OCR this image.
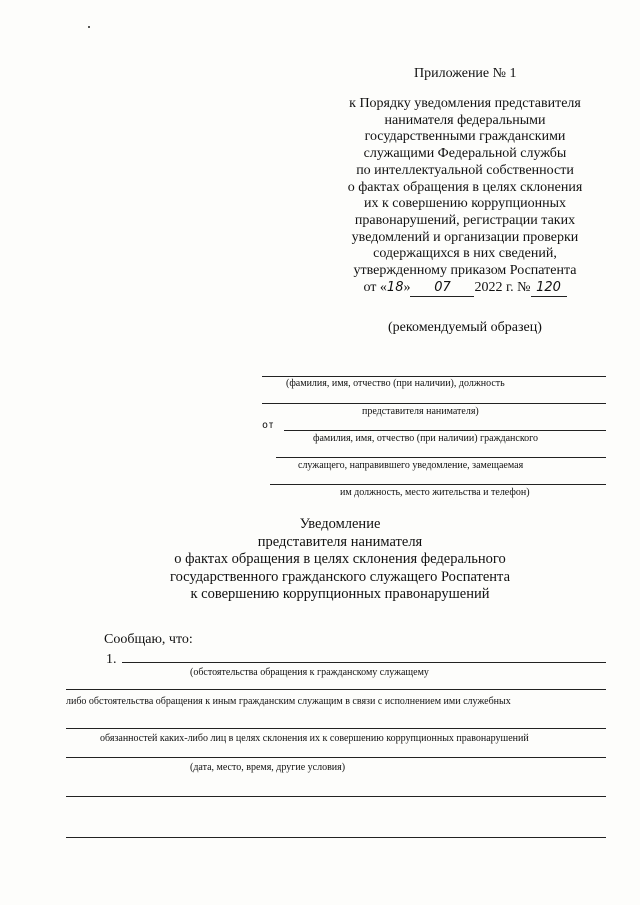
Приложение № 1
к Порядку уведомления представителя
нанимателя федеральными
государственными гражданскими
служащими Федеральной службы
по интеллектуальной собственности
о фактах обращения в целях склонения
их к совершению коррупционных
правонарушений, регистрации таких
уведомлений и организации проверки
содержащихся в них сведений,
утвержденному приказом Роспатента
от «18» 07 2022 г. № 120
(рекомендуемый образец)
(фамилия, имя, отчество (при наличии), должность
представителя нанимателя)
от
фамилия, имя, отчество (при наличии) гражданского
служащего, направившего уведомление, замещаемая
им должность, место жительства и телефон)
Уведомление
представителя нанимателя
о фактах обращения в целях склонения федерального
государственного гражданского служащего Роспатента
к совершению коррупционных правонарушений
Сообщаю, что:
1.
(обстоятельства обращения к гражданскому служащему
либо обстоятельства обращения к иным гражданским служащим в связи с исполнением ими служебных
обязанностей каких-либо лиц в целях склонения их к совершению коррупционных правонарушений
(дата, место, время, другие условия)
